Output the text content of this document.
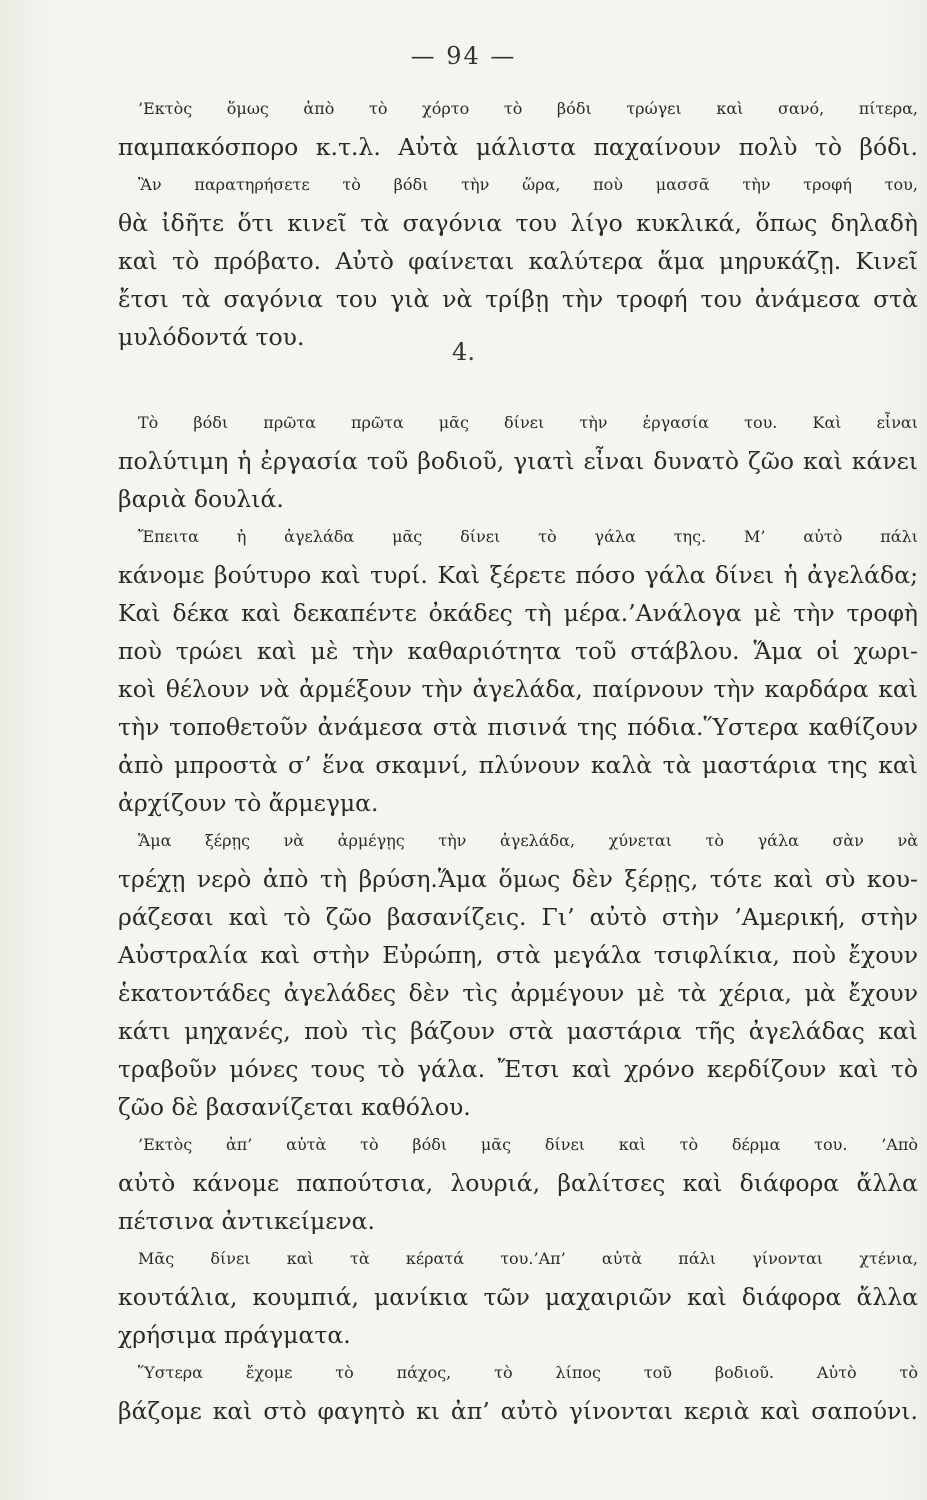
— 94 —
’Εκτὸς ὅμως ἀπὸ τὸ χόρτο τὸ βόδι τρώγει καὶ σανό, πίτερα,
παμπακόσπορο κ.τ.λ. Αὐτὰ μάλιστα παχαίνουν πολὺ τὸ βόδι.
Ἂν παρατηρήσετε τὸ βόδι τὴν ὥρα, ποὺ μασσᾶ τὴν τροφή του,
θὰ ἰδῆτε ὅτι κινεῖ τὰ σαγόνια του λίγο κυκλικά, ὅπως δηλαδὴ
καὶ τὸ πρόβατο. Αὐτὸ φαίνεται καλύτερα ἅμα μηρυκάζῃ. Κινεῖ
ἔτσι τὰ σαγόνια του γιὰ νὰ τρίβῃ τὴν τροφή του ἀνάμεσα στὰ
μυλόδοντά του.
4.
Τὸ βόδι πρῶτα πρῶτα μᾶς δίνει τὴν ἐργασία του. Καὶ εἶναι
πολύτιμη ἡ ἐργασία τοῦ βοδιοῦ, γιατὶ εἶναι δυνατὸ ζῶο καὶ κάνει
βαριὰ δουλιά.
Ἔπειτα ἡ ἀγελάδα μᾶς δίνει τὸ γάλα της. Μ’ αὐτὸ πάλι
κάνομε βούτυρο καὶ τυρί. Καὶ ξέρετε πόσο γάλα δίνει ἡ ἀγελάδα;
Καὶ δέκα καὶ δεκαπέντε ὀκάδες τὴ μέρα.’Ανάλογα μὲ τὴν τροφὴ
ποὺ τρώει καὶ μὲ τὴν καθαριότητα τοῦ στάβλου. Ἅμα οἱ χωρι-
κοὶ θέλουν νὰ ἀρμέξουν τὴν ἀγελάδα, παίρνουν τὴν καρδάρα καὶ
τὴν τοποθετοῦν ἀνάμεσα στὰ πισινά της πόδια.Ὕστερα καθίζουν
ἀπὸ μπροστὰ σ’ ἕνα σκαμνί, πλύνουν καλὰ τὰ μαστάρια της καὶ
ἀρχίζουν τὸ ἄρμεγμα.
Ἅμα ξέρῃς νὰ ἀρμέγῃς τὴν ἀγελάδα, χύνεται τὸ γάλα σὰν νὰ
τρέχῃ νερὸ ἀπὸ τὴ βρύση.Ἅμα ὅμως δὲν ξέρῃς, τότε καὶ σὺ κου-
ράζεσαι καὶ τὸ ζῶο βασανίζεις. Γι’ αὐτὸ στὴν ’Αμερική, στὴν
Αὐστραλία καὶ στὴν Εὐρώπη, στὰ μεγάλα τσιφλίκια, ποὺ ἔχουν
ἑκατοντάδες ἀγελάδες δὲν τὶς ἀρμέγουν μὲ τὰ χέρια, μὰ ἔχουν
κάτι μηχανές, ποὺ τὶς βάζουν στὰ μαστάρια τῆς ἀγελάδας καὶ
τραβοῦν μόνες τους τὸ γάλα. Ἔτσι καὶ χρόνο κερδίζουν καὶ τὸ
ζῶο δὲ βασανίζεται καθόλου.
’Εκτὸς ἀπ’ αὐτὰ τὸ βόδι μᾶς δίνει καὶ τὸ δέρμα του. ’Απὸ
αὐτὸ κάνομε παπούτσια, λουριά, βαλίτσες καὶ διάφορα ἄλλα
πέτσινα ἀντικείμενα.
Μᾶς δίνει καὶ τὰ κέρατά του.’Απ’ αὐτὰ πάλι γίνονται χτένια,
κουτάλια, κουμπιά, μανίκια τῶν μαχαιριῶν καὶ διάφορα ἄλλα
χρήσιμα πράγματα.
Ὕστερα ἔχομε τὸ πάχος, τὸ λίπος τοῦ βοδιοῦ. Αὐτὸ τὸ
βάζομε καὶ στὸ φαγητὸ κι ἀπ’ αὐτὸ γίνονται κεριὰ καὶ σαπούνι.
